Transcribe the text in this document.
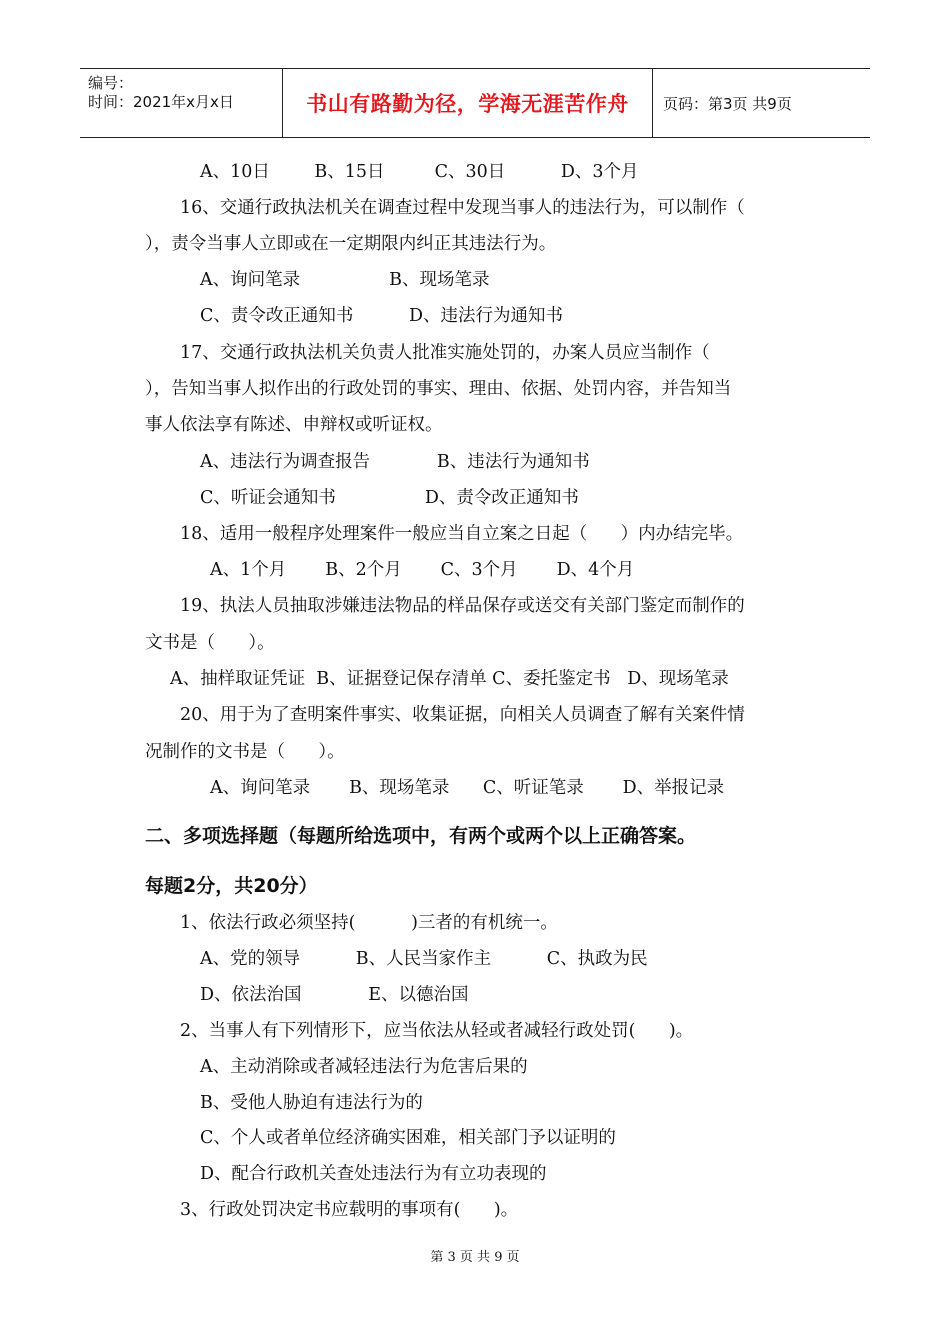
编号：
时间：2021年x月x日	书山有路勤为径，学海无涯苦作舟 页码：第3页 共9页
A、10日        B、15日         C、30日          D、3个月
16、交通行政执法机关在调查过程中发现当事人的违法行为，可以制作（
），责令当事人立即或在一定期限内纠正其违法行为。
A、询问笔录                B、现场笔录
C、责令改正通知书          D、违法行为通知书
17、交通行政执法机关负责人批准实施处罚的，办案人员应当制作（
），告知当事人拟作出的行政处罚的事实、理由、依据、处罚内容，并告知当
事人依法享有陈述、申辩权或听证权。
A、违法行为调查报告            B、违法行为通知书
C、听证会通知书                D、责令改正通知书
18、适用一般程序处理案件一般应当自立案之日起（      ）内办结完毕。
A、1个月       B、2个月       C、3个月       D、4个月
19、执法人员抽取涉嫌违法物品的样品保存或送交有关部门鉴定而制作的
文书是（      ）。
A、抽样取证凭证  B、证据登记保存清单 C、委托鉴定书   D、现场笔录
20、用于为了查明案件事实、收集证据，向相关人员调查了解有关案件情
况制作的文书是（      ）。
A、询问笔录       B、现场笔录      C、听证笔录       D、举报记录
二、多项选择题（每题所给选项中，有两个或两个以上正确答案。
每题2分，共20分）
1、依法行政必须坚持(          )三者的有机统一。
A、党的领导          B、人民当家作主          C、执政为民
D、依法治国            E、以德治国
2、当事人有下列情形下，应当依法从轻或者减轻行政处罚(      )。
A、主动消除或者减轻违法行为危害后果的
B、受他人胁迫有违法行为的
C、个人或者单位经济确实困难，相关部门予以证明的
D、配合行政机关查处违法行为有立功表现的
3、行政处罚决定书应载明的事项有(      )。
第 3 页 共 9 页
